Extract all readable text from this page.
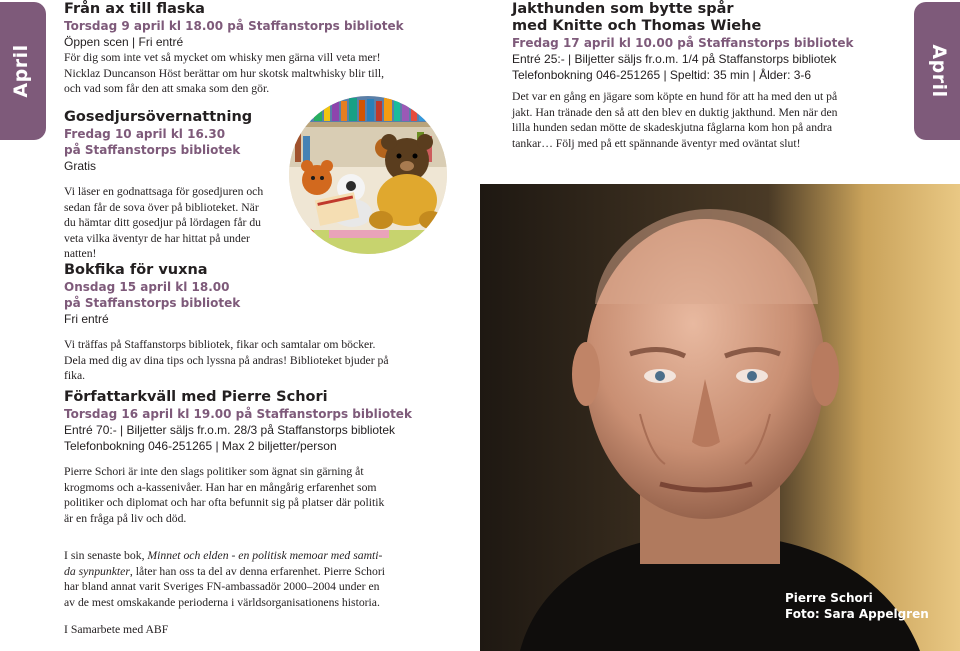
April	April
Från ax till flaska
Torsdag 9 april kl 18.00 på Staffanstorps bibliotek
Öppen scen | Fri entré
För dig som inte vet så mycket om whisky men gärna vill veta mer!
Nicklaz Duncanson Höst berättar om hur skotsk maltwhisky blir till,
och vad som får den att smaka som den gör.
Gosedjursövernattning
Fredag 10 april kl 16.30
på Staffanstorps bibliotek
Gratis
Vi läser en godnattsaga för gosedjuren och
sedan får de sova över på biblioteket. När
du hämtar ditt gosedjur på lördagen får du
veta vilka äventyr de har hittat på under
natten!
Bokfika för vuxna
Onsdag 15 april kl 18.00
på Staffanstorps bibliotek
Fri entré
Vi träffas på Staffanstorps bibliotek, fikar och samtalar om böcker.
Dela med dig av dina tips och lyssna på andras! Biblioteket bjuder på
fika.
Författarkväll med Pierre Schori
Torsdag 16 april kl 19.00 på Staffanstorps bibliotek
Entré 70:- | Biljetter säljs fr.o.m. 28/3 på Staffanstorps bibliotek
Telefonbokning 046-251265 | Max 2 biljetter/person
Pierre Schori är inte den slags politiker som ägnat sin gärning åt
krogmoms och a-kassenivåer. Han har en mångårig erfarenhet som
politiker och diplomat och har ofta befunnit sig på platser där politik
är en fråga på liv och död.
I sin senaste bok, Minnet och elden - en politisk memoar med samti-
da synpunkter, låter han oss ta del av denna erfarenhet. Pierre Schori
har bland annat varit Sveriges FN-ambassadör 2000–2004 under en
av de mest omskakande perioderna i världsorganisationens historia.
I Samarbete med ABF
Jakthunden som bytte spår
med Knitte och Thomas Wiehe
Fredag 17 april kl 10.00 på Staffanstorps bibliotek
Entré 25:- | Biljetter säljs fr.o.m. 1/4 på Staffanstorps bibliotek
Telefonbokning 046-251265 | Speltid: 35 min | Ålder: 3-6
Det var en gång en jägare som köpte en hund för att ha med den ut på
jakt. Han tränade den så att den blev en duktig jakthund. Men när den
lilla hunden sedan mötte de skadeskjutna fåglarna kom hon på andra
tankar… Följ med på ett spännande äventyr med oväntat slut!
Pierre Schori
Foto: Sara Appelgren
